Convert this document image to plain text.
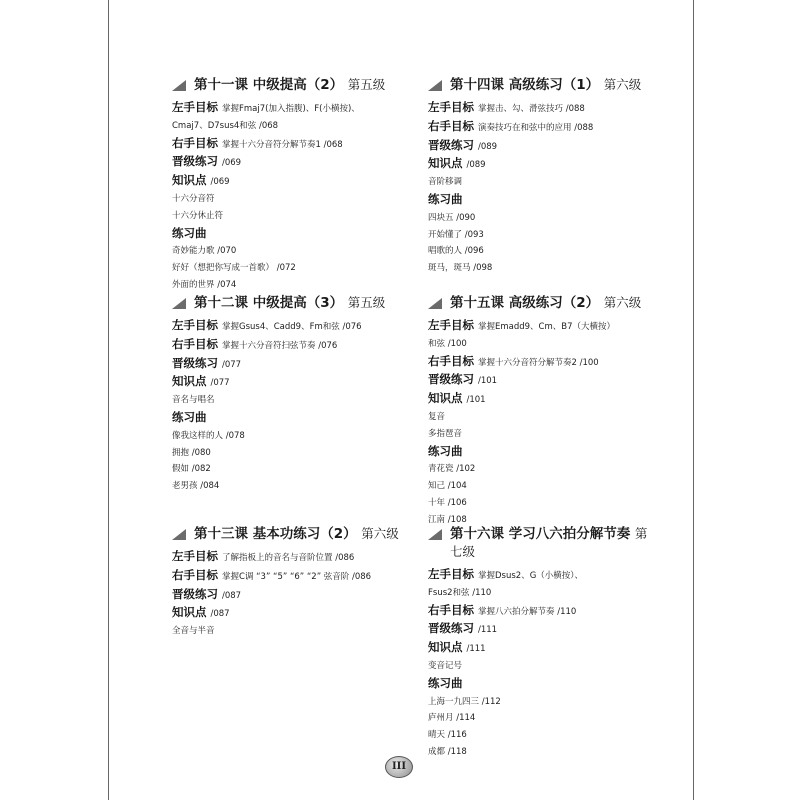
第十一课 中级提高（2） 第五级
左手目标 掌握Fmaj7(加入指腹)、F(小横按)、
Cmaj7、D7sus4和弦 /068
右手目标 掌握十六分音符分解节奏1 /068
晋级练习 /069
知识点 /069
十六分音符
十六分休止符
练习曲
奇妙能力歌 /070
好好（想把你写成一首歌） /072
外面的世界 /074
第十二课 中级提高（3） 第五级
左手目标 掌握Gsus4、Cadd9、Fm和弦 /076
右手目标 掌握十六分音符扫弦节奏 /076
晋级练习 /077
知识点 /077
音名与唱名
练习曲
像我这样的人 /078
拥抱 /080
假如 /082
老男孩 /084
第十三课 基本功练习（2） 第六级
左手目标 了解指板上的音名与音阶位置 /086
右手目标 掌握C调 “3” “5” “6” “2” 弦音阶 /086
晋级练习 /087
知识点 /087
全音与半音
第十四课 高级练习（1） 第六级
左手目标 掌握击、勾、滑弦技巧 /088
右手目标 演奏技巧在和弦中的应用 /088
晋级练习 /089
知识点 /089
音阶移调
练习曲
四块五 /090
开始懂了 /093
唱歌的人 /096
斑马，斑马 /098
第十五课 高级练习（2） 第六级
左手目标 掌握Emadd9、Cm、B7（大横按）
和弦 /100
右手目标 掌握十六分音符分解节奏2 /100
晋级练习 /101
知识点 /101
复音
多指琶音
练习曲
青花瓷 /102
知己 /104
十年 /106
江南 /108
第十六课 学习八六拍分解节奏 第七级
左手目标 掌握Dsus2、G（小横按）、
Fsus2和弦 /110
右手目标 掌握八六拍分解节奏 /110
晋级练习 /111
知识点 /111
变音记号
练习曲
上海一九四三 /112
庐州月 /114
晴天 /116
成都 /118
III
